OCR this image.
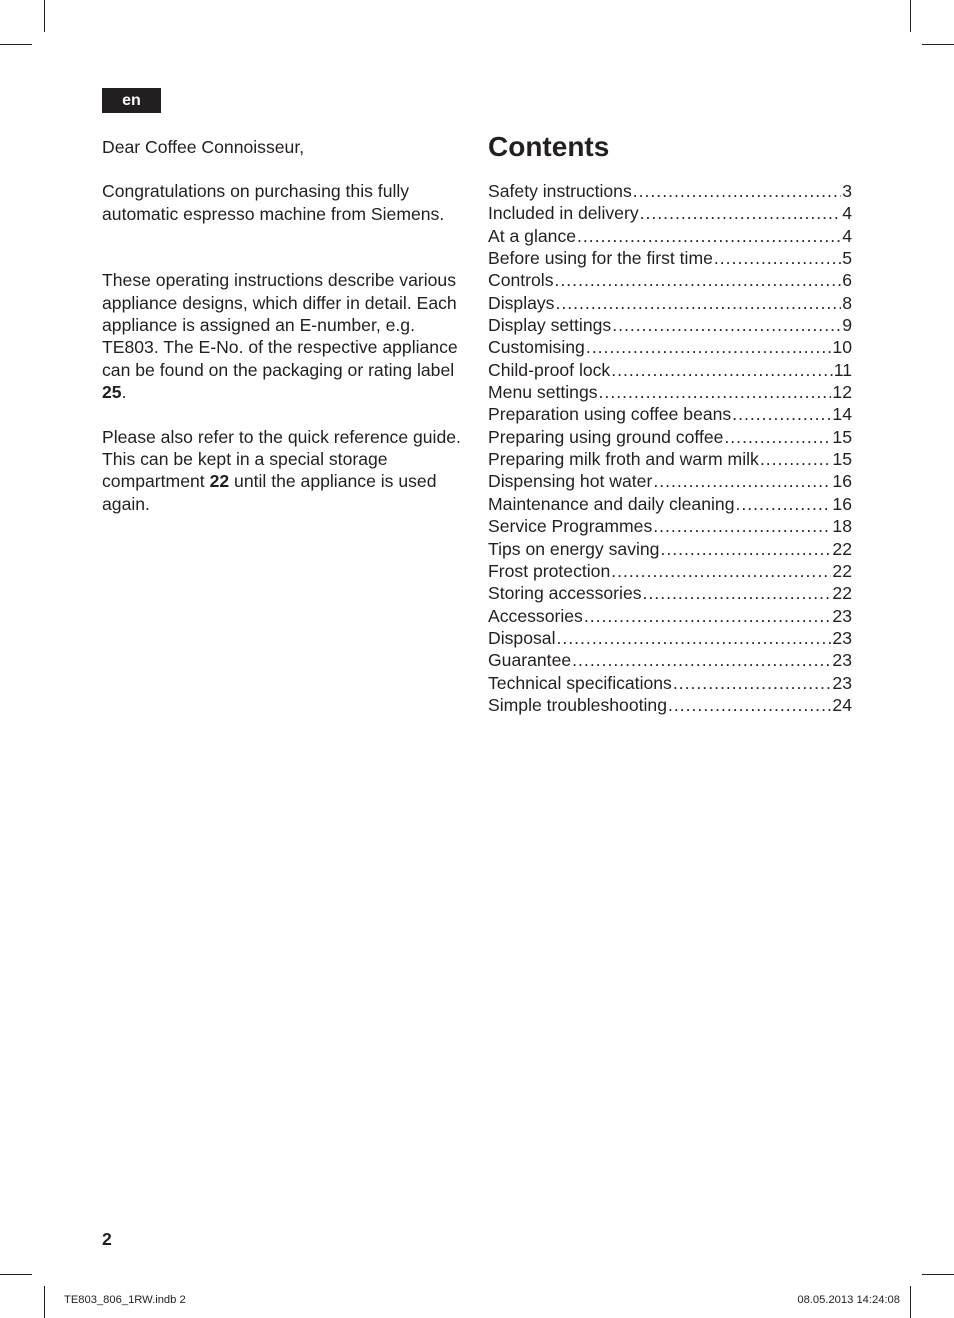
en

Dear Coffee Connoisseur,

Congratulations on purchasing this fully automatic espresso machine from Siemens.

These operating instructions describe various appliance designs, which differ in detail. Each appliance is assigned an E-number, e.g. TE803. The E-No. of the respective appliance can be found on the packaging or rating label 25.

Please also refer to the quick reference guide. This can be kept in a special storage compartment 22 until the appliance is used again.

Contents
Safety instructions .....	3
Included in delivery .....	4
At a glance .....	4
Before using for the first time .....	5
Controls .....	6
Displays .....	8
Display settings .....	9
Customising .....	10
Child-proof lock .....	11
Menu settings .....	12
Preparation using coffee beans .....	14
Preparing using ground coffee .....	15
Preparing milk froth and warm milk .....	15
Dispensing hot water .....	16
Maintenance and daily cleaning .....	16
Service Programmes .....	18
Tips on energy saving .....	22
Frost protection .....	22
Storing accessories .....	22
Accessories .....	23
Disposal .....	23
Guarantee .....	23
Technical specifications .....	23
Simple troubleshooting .....	24
2
TE803_806_1RW.indb 2	08.05.2013 14:24:08
